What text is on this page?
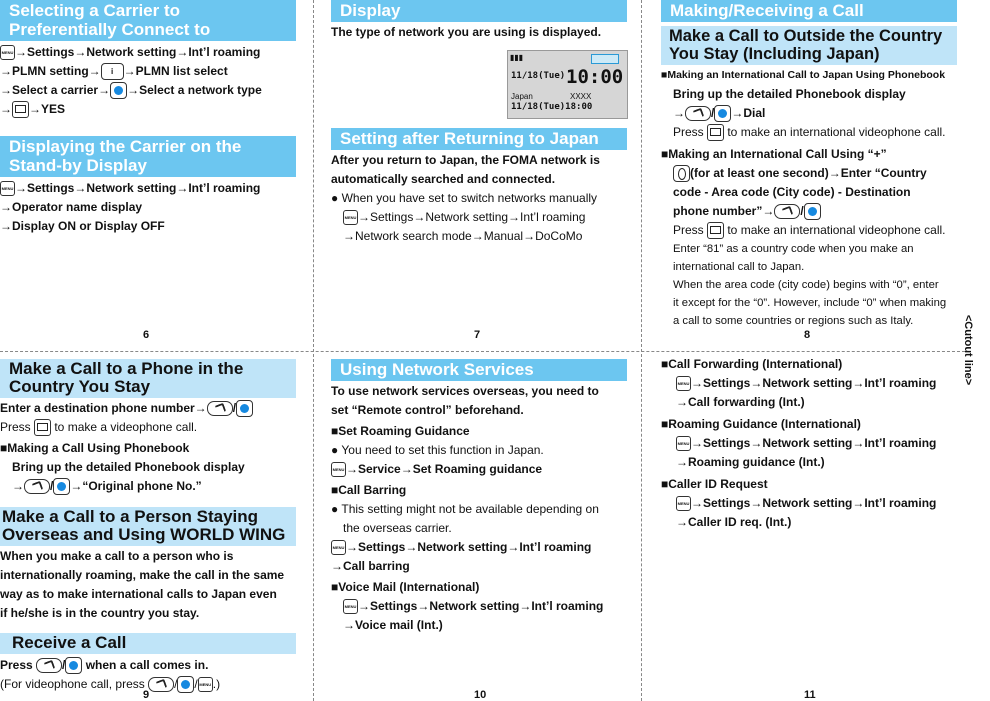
<Cutout line>
Selecting a Carrier to Preferentially Connect to
MENU →Settings→Network setting→Int’l roaming
→PLMN setting→ i →PLMN list select
→Select a carrier→ →Select a network type
→ →YES
Displaying the Carrier on the Stand-by Display
MENU →Settings→Network setting→Int’l roaming
→Operator name display
→Display ON or Display OFF
6
Display
The type of network you are using is displayed.
Setting after Returning to Japan
After you return to Japan, the FOMA network is
automatically searched and connected.
● When you have set to switch networks manually
MENU →Settings→Network setting→Int’l roaming
→Network search mode→Manual→DoCoMo
▮▮▮
11/18(Tue) 10:00
Japan	XXXX
11/18(Tue)18:00
7
Making/Receiving a Call
Make a Call to Outside the Country You Stay (Including Japan)
■ Making an International Call to Japan Using Phonebook
Bring up the detailed Phonebook display
→ / →Dial
Press  to make an international videophone call.
■ Making an International Call Using “+”
(for at least one second)→Enter “Country
code - Area code (City code) - Destination
phone number”→ /
Press  to make an international videophone call.
Enter “81” as a country code when you make an
international call to Japan.
When the area code (city code) begins with “0”, enter
it except for the “0”. However, include “0” when making
a call to some countries or regions such as Italy.
8
Make a Call to a Phone in the Country You Stay
Enter a destination phone number→ /
Press  to make a videophone call.
■ Making a Call Using Phonebook
Bring up the detailed Phonebook display
→ / →“Original phone No.”
Make a Call to a Person Staying Overseas and Using WORLD WING
When you make a call to a person who is
internationally roaming, make the call in the same
way as to make international calls to Japan even
if he/she is in the country you stay.
Receive a Call
Press / when a call comes in.
(For videophone call, press / / MENU .)
9
Using Network Services
To use network services overseas, you need to
set “Remote control” beforehand.
■ Set Roaming Guidance
● You need to set this function in Japan.
MENU →Service→Set Roaming guidance
■ Call Barring
● This setting might not be available depending on
the overseas carrier.
MENU →Settings→Network setting→Int’l roaming
→Call barring
■ Voice Mail (International)
MENU →Settings→Network setting→Int’l roaming
→Voice mail (Int.)
10
■ Call Forwarding (International)
MENU →Settings→Network setting→Int’l roaming
→Call forwarding (Int.)
■ Roaming Guidance (International)
MENU →Settings→Network setting→Int’l roaming
→Roaming guidance (Int.)
■ Caller ID Request
MENU →Settings→Network setting→Int’l roaming
→Caller ID req. (Int.)
11
